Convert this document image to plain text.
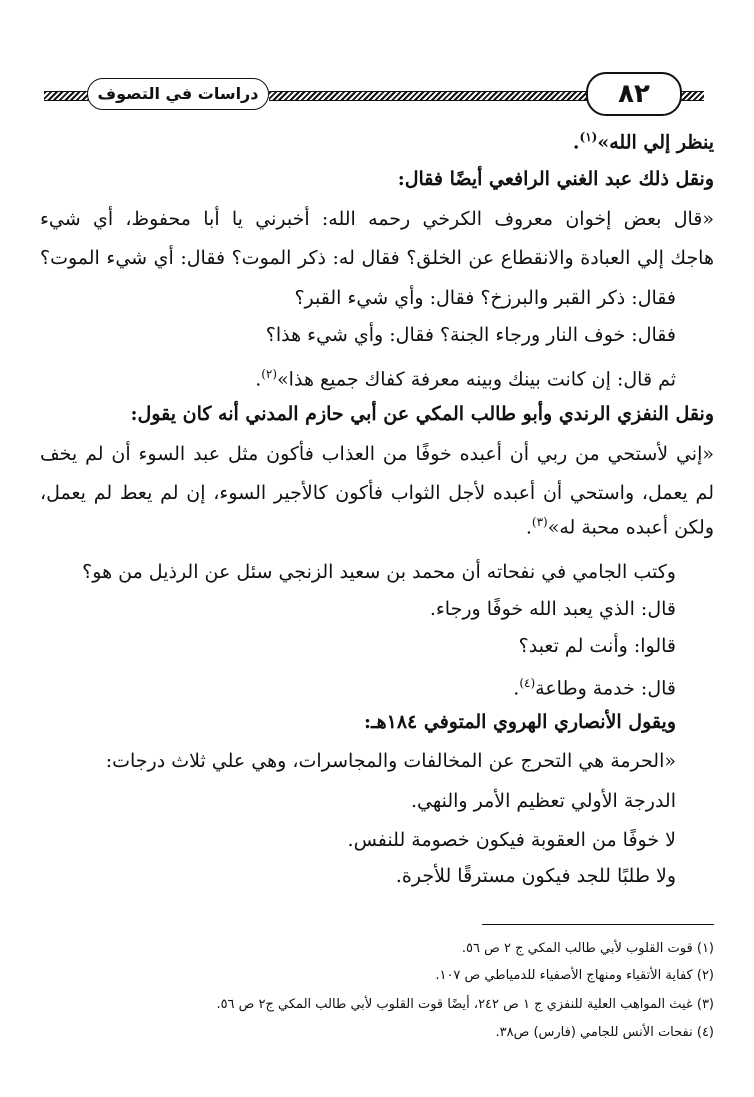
٨٢
دراسات في التصوف
ينظر إلي الله»$^{(١)}$.
ونقل ذلك عبد الغني الرافعي أيضًا فقال:
«قال بعض إخوان معروف الكرخي رحمه الله: أخبرني يا أبا محفوظ، أي شيء
هاجك إلي العبادة والانقطاع عن الخلق؟ فقال له: ذكر الموت؟ فقال: أي شيء الموت؟
فقال: ذكر القبر والبرزخ؟ فقال: وأي شيء القبر؟
فقال: خوف النار ورجاء الجنة؟ فقال: وأي شيء هذا؟
ثم قال: إن كانت بينك وبينه معرفة كفاك جميع هذا»$^{(٢)}$.
ونقل النفزي الرندي وأبو طالب المكي عن أبي حازم المدني أنه كان يقول:
«إني لأستحي من ربي أن أعبده خوفًا من العذاب فأكون مثل عبد السوء أن لم يخف
لم يعمل، واستحي أن أعبده لأجل الثواب فأكون كالأجير السوء، إن لم يعط لم يعمل،
ولكن أعبده محبة له»$^{(٣)}$.
وكتب الجامي في نفحاته أن محمد بن سعيد الزنجي سئل عن الرذيل من هو؟
قال: الذي يعبد الله خوفًا ورجاء.
قالوا: وأنت لم تعبد؟
قال: خدمة وطاعة$^{(٤)}$.
ويقول الأنصاري الهروي المتوفي ١٨٤هـ:
«الحرمة هي التحرج عن المخالفات والمجاسرات، وهي علي ثلاث درجات:
الدرجة الأولي تعظيم الأمر والنهي.
لا خوفًا من العقوبة فيكون خصومة للنفس.
ولا طلبًا للجد فيكون مسترقًا للأجرة.
(١) قوت القلوب لأبي طالب المكي ج ٢ ص ٥٦.
(٢) كفاية الأتقياء ومنهاج الأصفياء للدمياطي ص ١٠٧.
(٣) غيث المواهب العلية للنفزي ج ١ ص ٢٤٢، أيضًا قوت القلوب لأبي طالب المكي ج٢ ص ٥٦.
(٤) نفحات الأنس للجامي (فارس) ص٣٨.
